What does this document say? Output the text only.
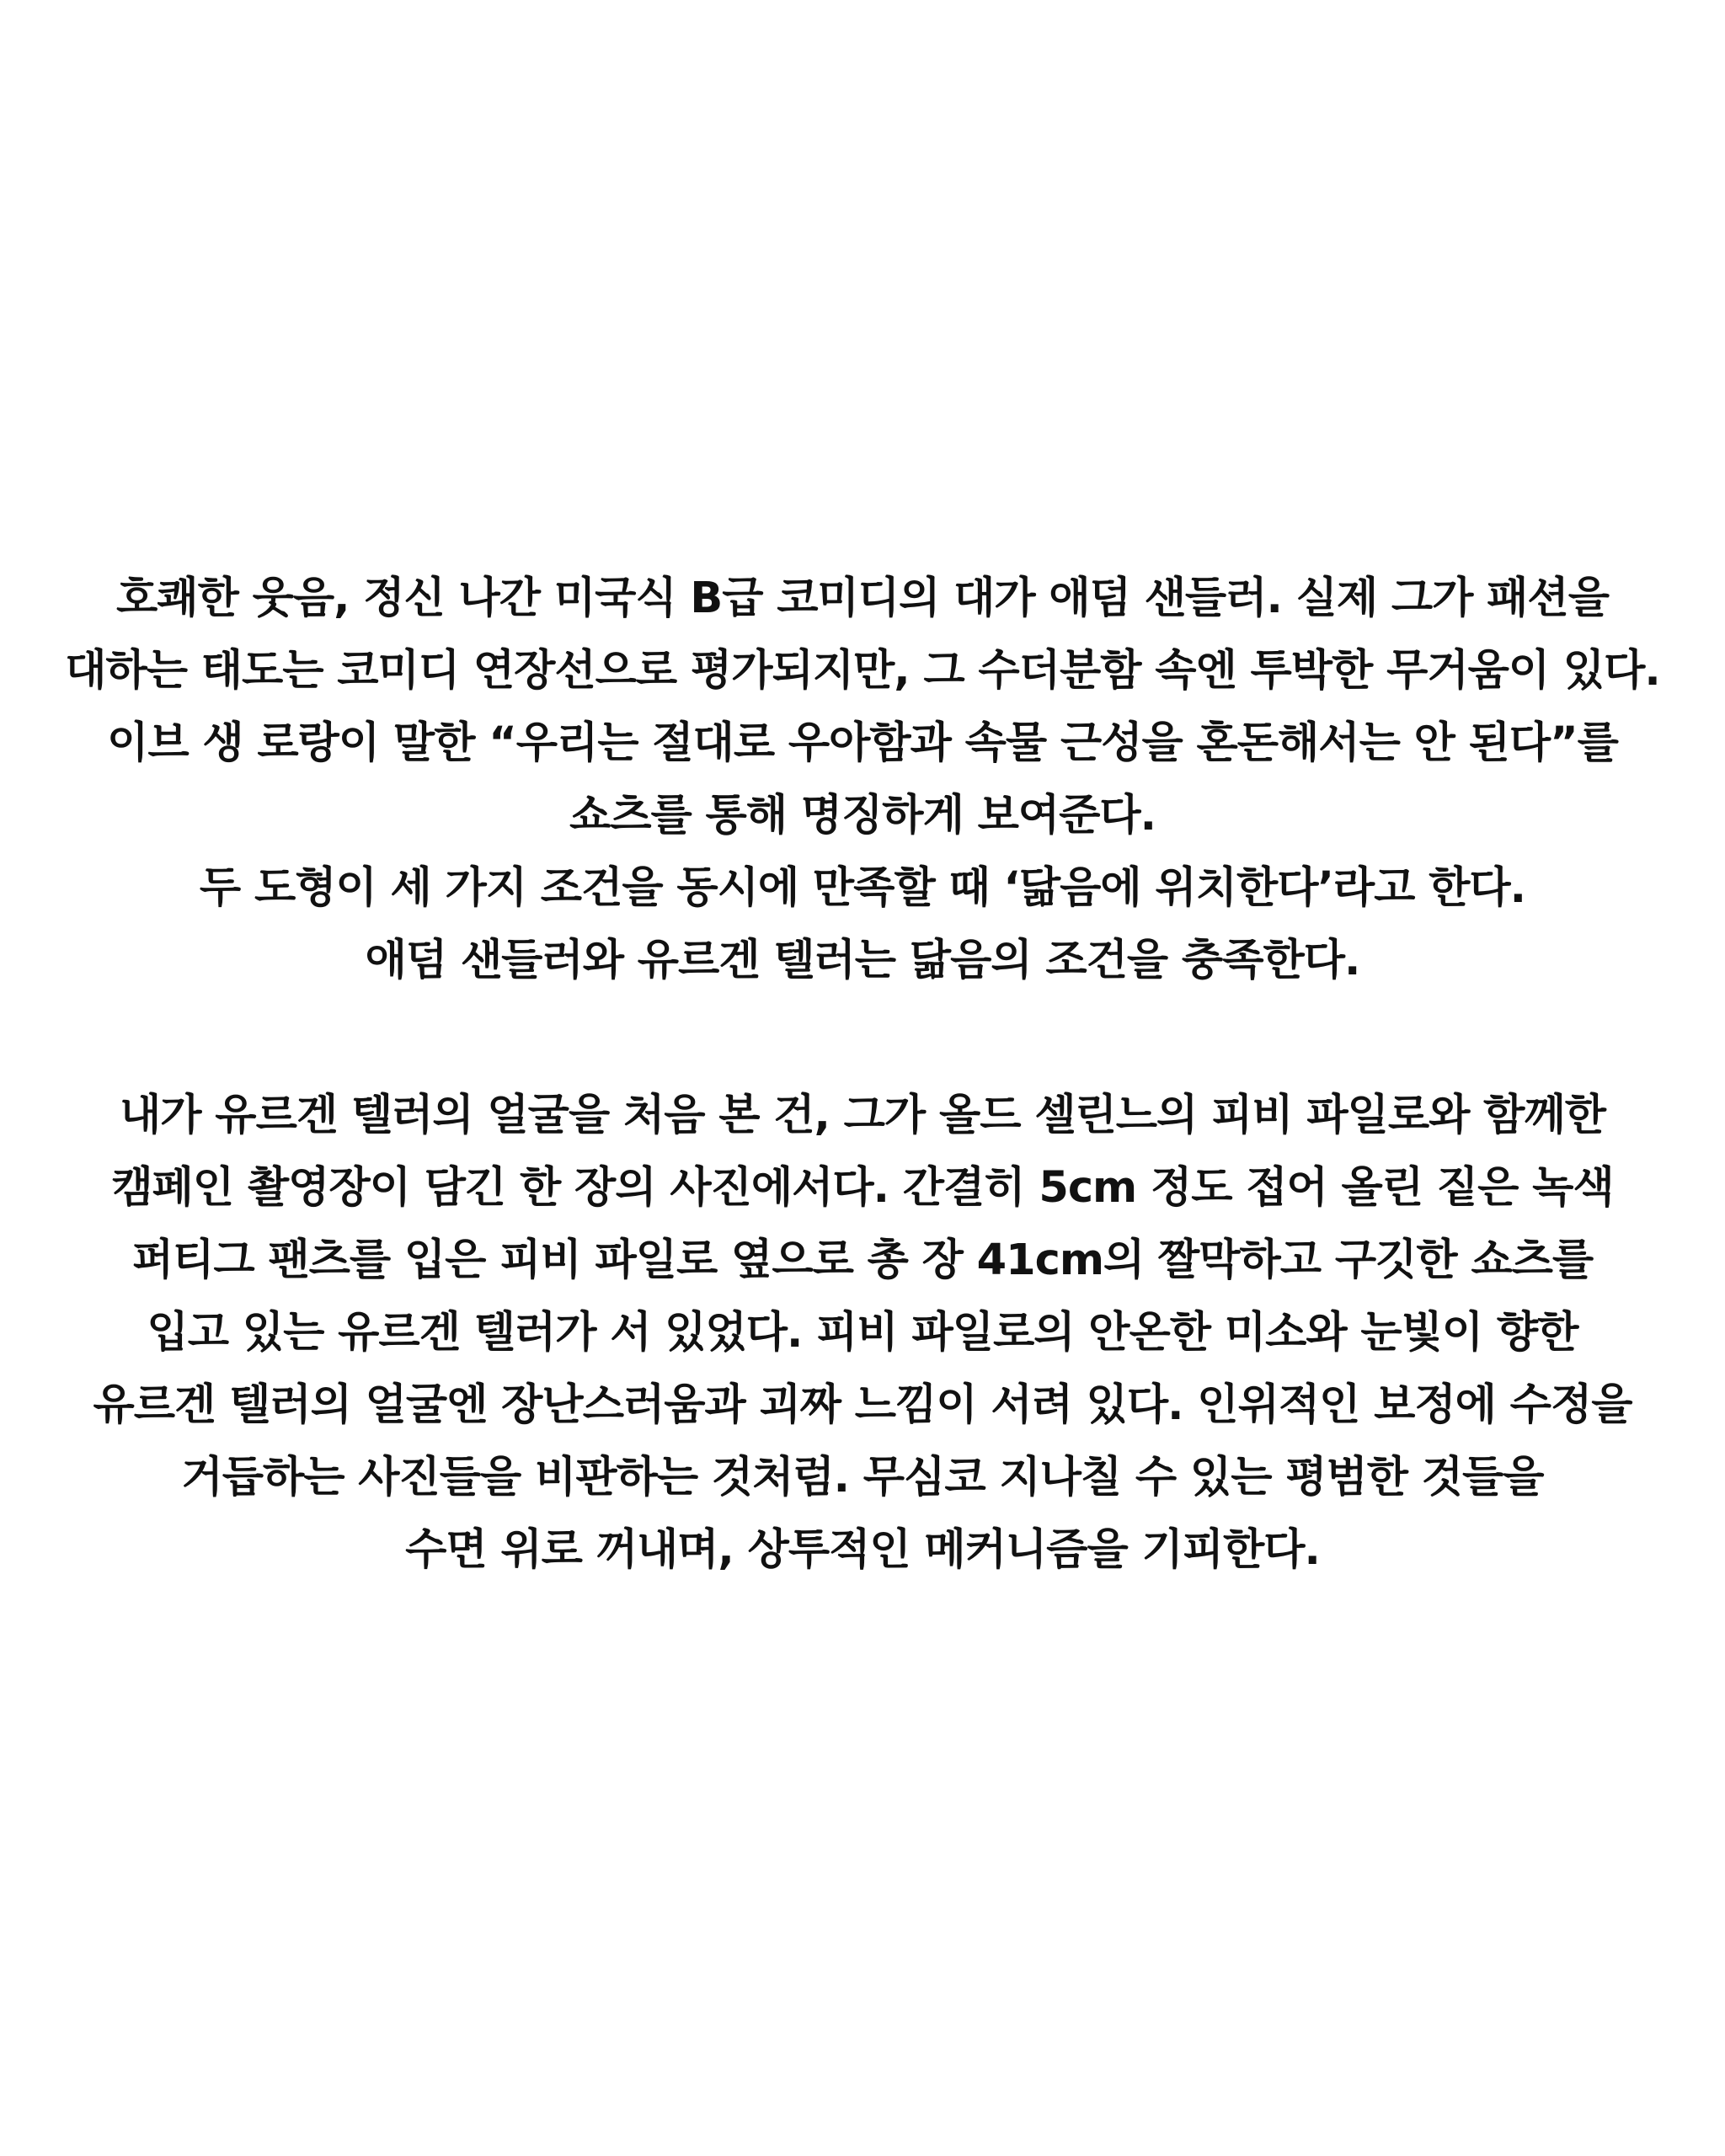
호쾌한 웃음, 정신 나간 미국식 B급 코미디의 대가 애덤 샌들러. 실제 그가 패션을
대하는 태도는 코미디 연장선으로 평가되지만, 그 수더분함 속엔 투박한 무거움이 있다.
이브 생 로랑이 말한 “우리는 절대로 우아함과 속물 근성을 혼돈해서는 안 된다”를
쇼츠를 통해 명징하게 보여준다.
두 도형이 세 가지 조건을 동시에 만족할 때 ‘닮음에 위치한다’라고 한다.
애덤 샌들러와 유르겐 텔러는 닮음의 조건을 충족한다.
내가 유르겐 텔러의 얼굴을 처음 본 건, 그가 올드 셀린느의 피비 파일로와 함께한
캠페인 촬영장이 담긴 한 장의 사진에서다. 간결히 5cm 정도 접어 올린 짙은 녹색
퍼티그 팬츠를 입은 피비 파일로 옆으로 총 장 41cm의 짤막하고 구깃한 쇼츠를
입고 있는 유르겐 텔러가 서 있었다. 피비 파일로의 안온한 미소와 눈빛이 향한
유르겐 텔러의 얼굴엔 장난스러움과 괴짜 느낌이 서려 있다. 인위적인 보정에 수정을
거듭하는 사진들을 비판하는 것처럼. 무심코 지나칠 수 있는 평범한 것들을
수면 위로 꺼내며, 상투적인 메커니즘을 기피한다.
